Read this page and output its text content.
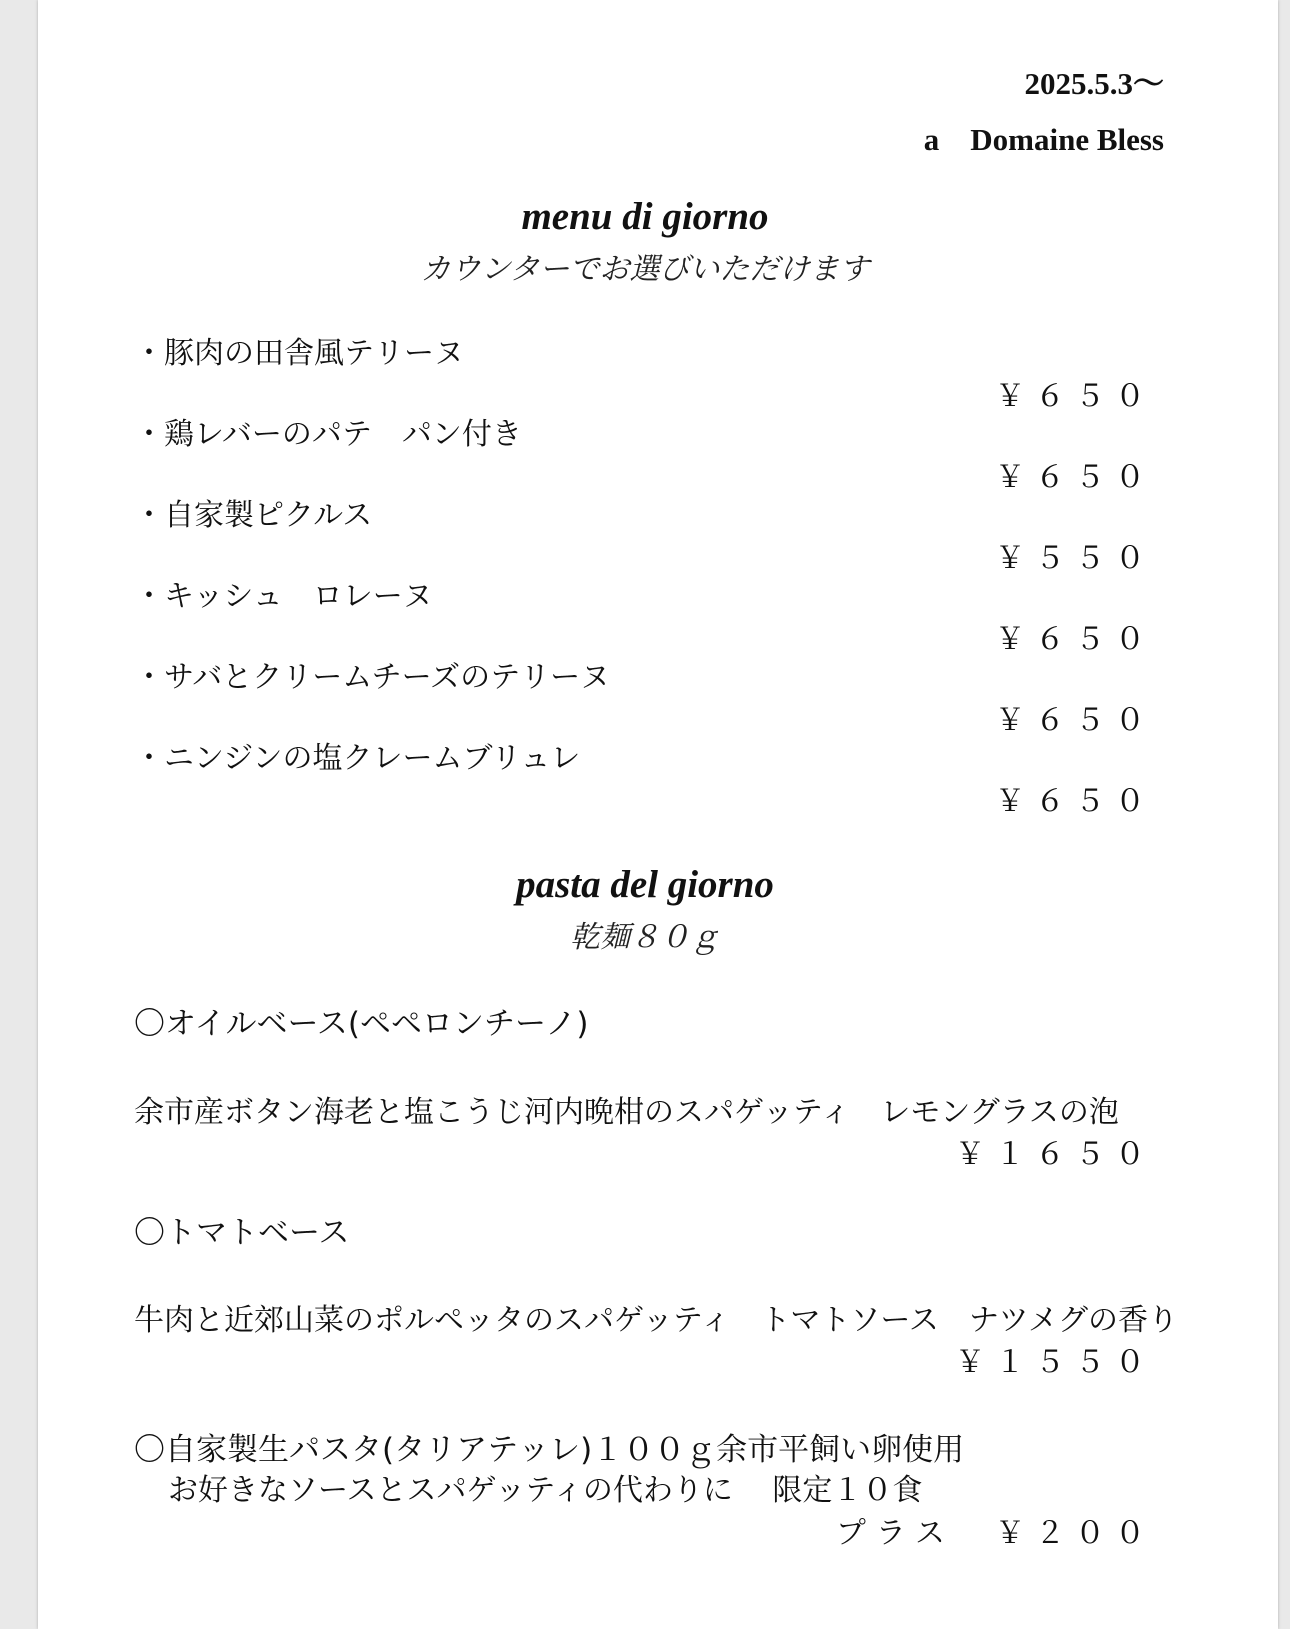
2025.5.3〜
a　Domaine Bless
menu di giorno
カウンターでお選びいただけます
・豚肉の田舎風テリーヌ
￥６５０
・鶏レバーのパテ　パン付き
￥６５０
・自家製ピクルス
￥５５０
・キッシュ　ロレーヌ
￥６５０
・サバとクリームチーズのテリーヌ
￥６５０
・ニンジンの塩クレームブリュレ
￥６５０
pasta del giorno
乾麺８０ｇ
〇オイルベース(ペペロンチーノ)
余市産ボタン海老と塩こうじ河内晩柑のスパゲッティ　レモングラスの泡
￥１６５０
〇トマトベース
牛肉と近郊山菜のポルペッタのスパゲッティ　トマトソース　ナツメグの香り
￥１５５０
〇自家製生パスタ(タリアテッレ)１００ｇ余市平飼い卵使用
お好きなソースとスパゲッティの代わりに　 限定１０食
プラス　￥２００
